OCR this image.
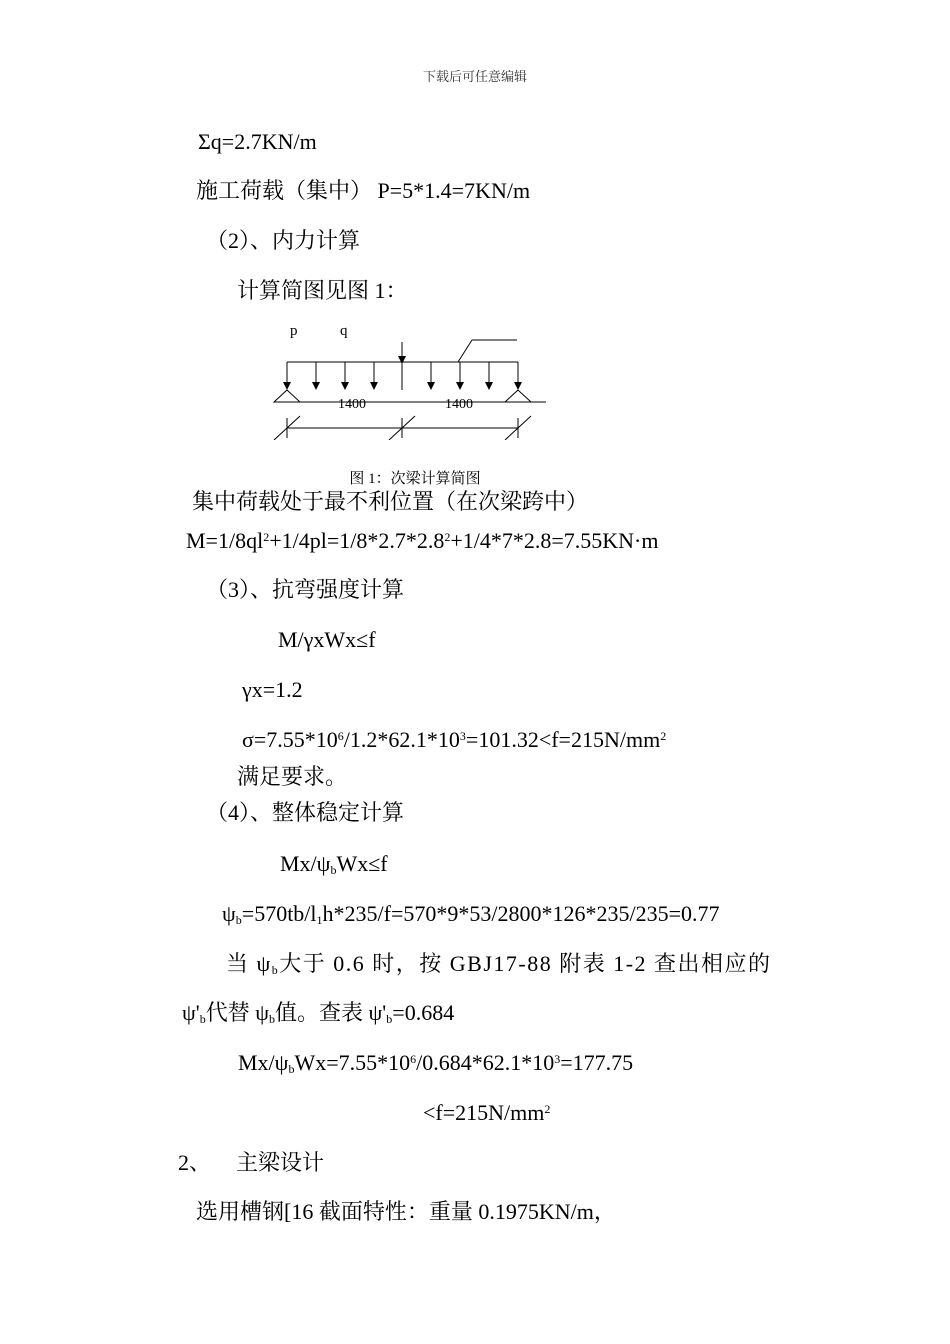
下载后可任意编辑
Σq=2.7KN/m
施工荷载（集中） P=5*1.4=7KN/m
（2）、内力计算
计算简图见图 1：
p	q
1400	1400
图 1：次梁计算简图
集中荷载处于最不利位置（在次梁跨中）
$M=1/8ql^2+1/4pl=1/8*2.7*2.8^2+1/4*7*2.8=7.55KN\cdot m$
（3）、抗弯强度计算
M/γxWx≤f
γx=1.2
$\sigma=7.55*10^6/1.2*62.1*10^3=101.32<f=215N/mm^2$
满足要求。
（4）、整体稳定计算
$Mx/\psi_bWx\le f$
$\psi_b=570tb/l_1h*235/f=570*9*53/2800*126*235/235=0.77$
当 $\psi_b$大于 0.6 时，按 GBJ17-88 附表 1-2 查出相应的
$\psi'_b$代替 $\psi_b$值。查表 $\psi'_b=0.684$
$Mx/\psi_bWx=7.55*10^6/0.684*62.1*10^3=177.75$
$<f=215N/mm^2$
2、 主梁设计
选用槽钢[16 截面特性：重量 0.1975KN/m，
